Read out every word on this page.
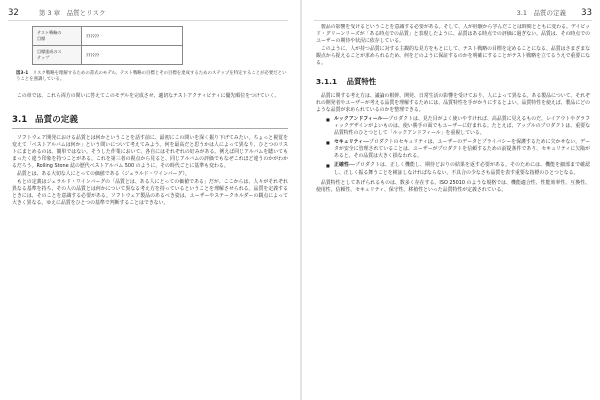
32	第 3 章　品質とリスク
テスト戦略の
目標	??????
目標達成のス
テップ	??????
図3-1　リスク戦略を理解するための書式のモデル。テスト戦略の目標とその目標を達成するためのステップを特定することが必要だということを強調している。

この章では、これら両方の問いに答えてこのモデルを完成させ、適切なテストアクティビティに優先順位をつけていく。

3.1 品質の定義

ソフトウェア開発における品質とは何かということを話す前に、最初にこの問いを深く掘り下げてみたい。ちょっと視覚を変えて「ベストアルバムは何か」という問いについて考えてみよう。何を最高だと思うかは人によって異なり、ひとつのリストにまとめるのは、簡単ではない。そうした作業において、各自にはそれぞれの好みがある。例えば同じアルバムを聴いてもまったく違う印象を持つことがある。これを第三者の視点から見ると、同じアルバムの評価でもなぜこれほど違うのかがわかるだろう。Rolling Stone 誌の歴代ベストアルバム 500 のように、その時代ごとに基準も変わる。

品質とは、ある大切な人にとっての価値である（ジェラルド・ワインバーグ）。

もとの定義はジェラルド・ワインバーグの「品質とは、ある人にとっての価値である」だが、ここからは、人々がそれぞれ異なる基準を持ち、その人の品質とは何かについて異なる考え方を持っているということを理解させられる。品質を定義するときには、そのことを意識する必要がある。ソフトウェア製品のあるべき姿は、ユーザーやステークホルダーの観点によって大きく異なる。ゆえに品質をひとつの基準で判断することはできない。

3.1　品質の定義 33

製品の影響を受けるということを意識する必要がある。そして、人が経験から学んだことは時間とともに変わる。デイビッド・グリーンリーズが「ある時点での品質」と表現したように、品質はある時点での評価に過ぎない。品質は、その時点でのユーザーの期待や状況に依存している。

このように、人が持つ品質に対する主観的な見方をもとにして、テスト戦略の目標を定めることになる。品質はさまざまな観点から捉えることが求められるため、何をどのように保証するのかを明確にすることがテスト戦略を立てるうえで重要になる。

3.1.1 品質特性

品質に関する考え方は、議論の根幹、開発、日常生活の影響を受けており、人によって異なる。ある製品について、それぞれの開発者やユーザーが考える品質を理解するためには、品質特性を手がかりにするとよい。品質特性を使えば、製品にどのような品質が求められているのかを整理できる。

■ ルックアンドフィール──プロダクトは、見た目がよく使いやすければ、高品質に見えるものだ。レイアウトやグラフィックデザインがよいものは、使い勝手の面でもユーザーに好まれる。たとえば、アップルのプロダクトは、重要な品質特性のひとつとして「ルックアンドフィール」を重視している。
■ セキュリティ──プロダクトのセキュリティは、ユーザーのデータとプライバシーを保護するために欠かせない。データが安全に管理されていることは、ユーザーがプロダクトを信頼するための前提条件であり、セキュリティに欠陥があると、その品質は大きく損なわれる。
■ 正確性──プロダクトは、正しく機能し、期待どおりの結果を返す必要がある。そのためには、機能を細部まで確認し、正しく振る舞うことを検証しなければならない。不具合の少なさも品質を表す重要な指標のひとつとなる。

品質特性としてあげられるものは、数多く存在する。ISO 25010 のような規格では、機能適合性、性能効率性、互換性、使用性、信頼性、セキュリティ、保守性、移植性といった品質特性が定義されている。
